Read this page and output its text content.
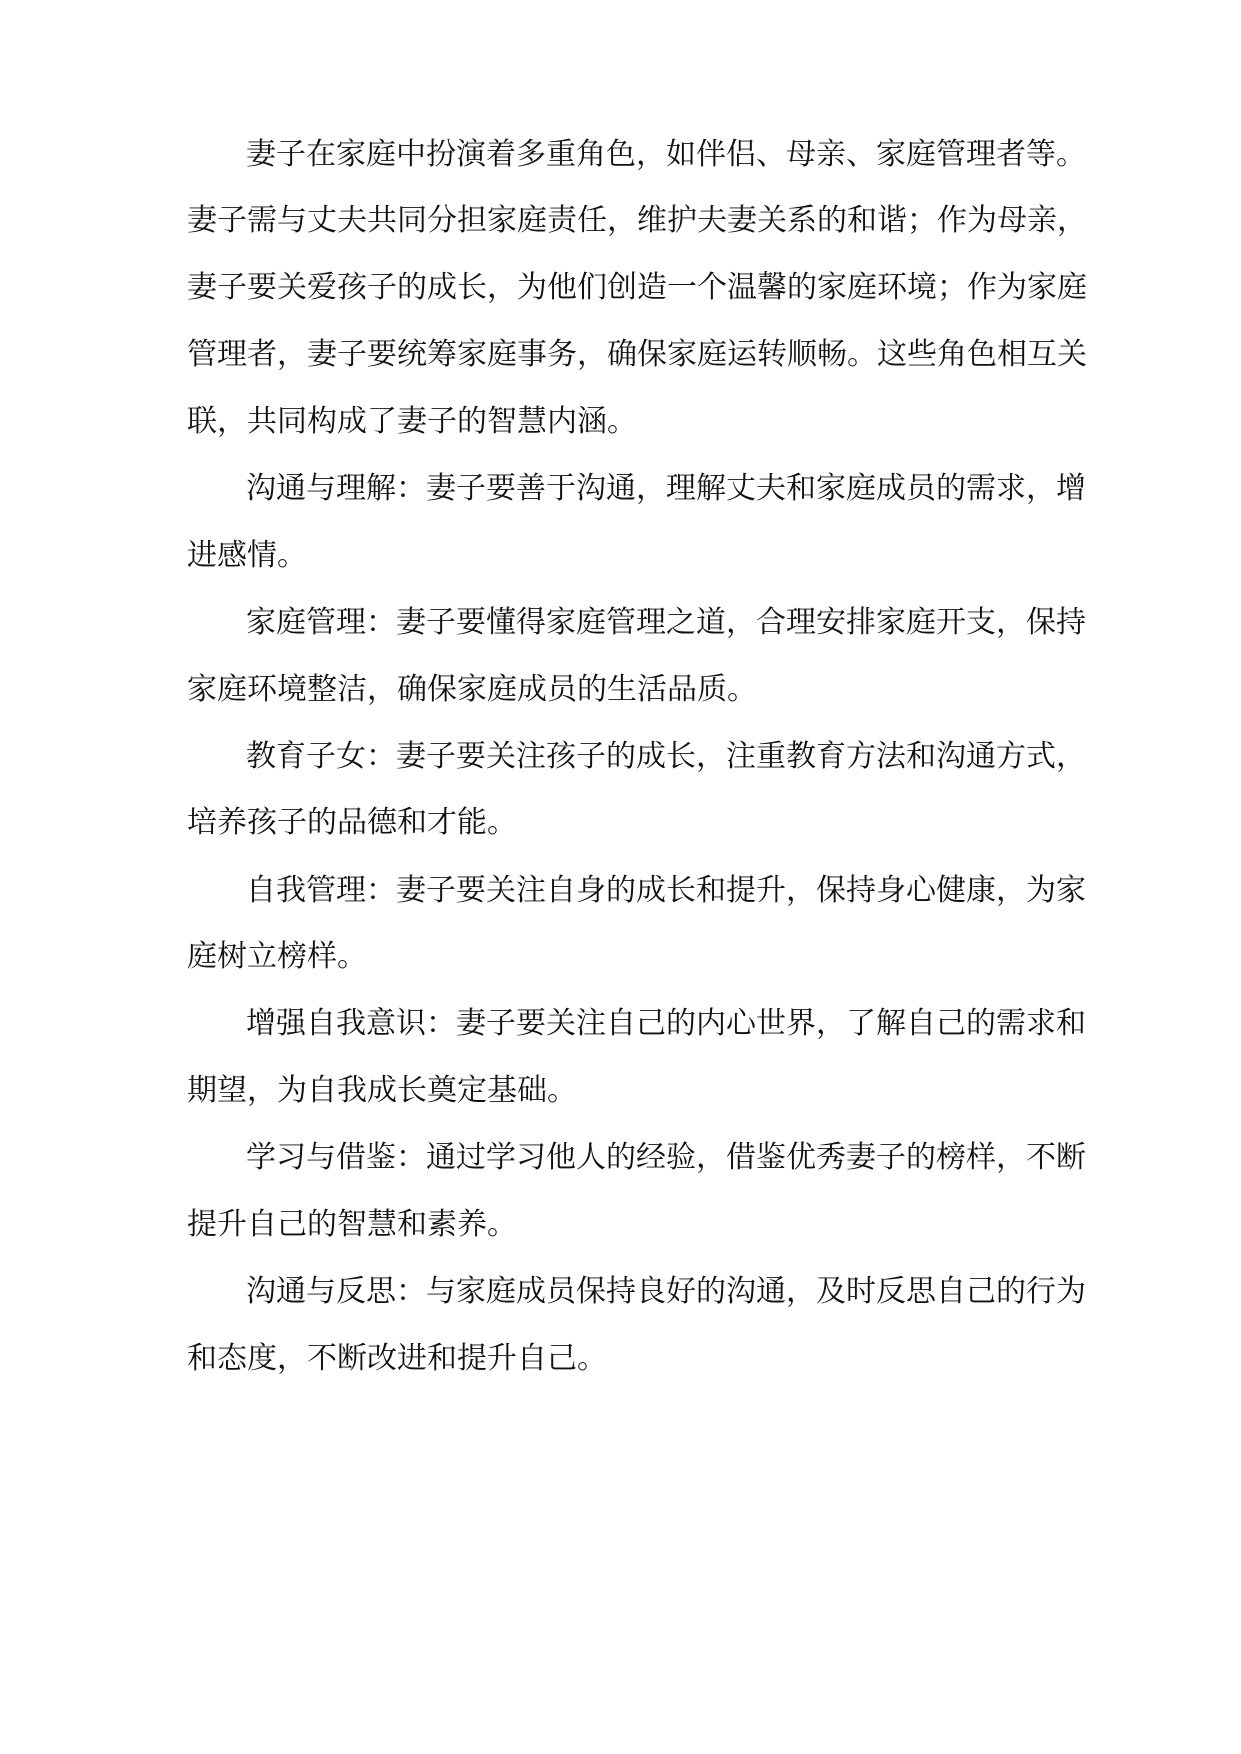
妻子在家庭中扮演着多重角色，如伴侣、母亲、家庭管理者等。
妻子需与丈夫共同分担家庭责任，维护夫妻关系的和谐；作为母亲，
妻子要关爱孩子的成长，为他们创造一个温馨的家庭环境；作为家庭
管理者，妻子要统筹家庭事务，确保家庭运转顺畅。这些角色相互关
联，共同构成了妻子的智慧内涵。
沟通与理解：妻子要善于沟通，理解丈夫和家庭成员的需求，增
进感情。
家庭管理：妻子要懂得家庭管理之道，合理安排家庭开支，保持
家庭环境整洁，确保家庭成员的生活品质。
教育子女：妻子要关注孩子的成长，注重教育方法和沟通方式，
培养孩子的品德和才能。
自我管理：妻子要关注自身的成长和提升，保持身心健康，为家
庭树立榜样。
增强自我意识：妻子要关注自己的内心世界，了解自己的需求和
期望，为自我成长奠定基础。
学习与借鉴：通过学习他人的经验，借鉴优秀妻子的榜样，不断
提升自己的智慧和素养。
沟通与反思：与家庭成员保持良好的沟通，及时反思自己的行为
和态度，不断改进和提升自己。
